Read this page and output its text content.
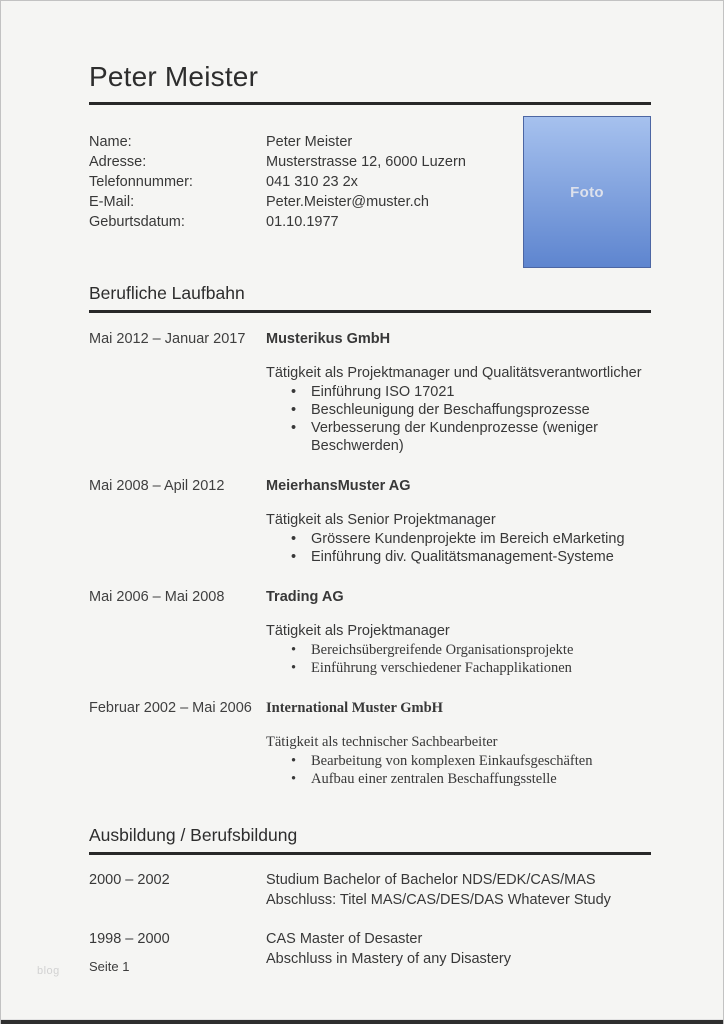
Peter Meister
Name:	Peter Meister
Adresse:	Musterstrasse 12, 6000 Luzern
Telefonnummer:	041 310 23 2x
E-Mail:	Peter.Meister@muster.ch
Geburtsdatum:	01.10.1977
Berufliche Laufbahn
Mai 2012 – Januar 2017	Musterikus GmbH
Tätigkeit als Projektmanager und Qualitätsverantwortlicher
• Einführung ISO 17021
• Beschleunigung der Beschaffungsprozesse
• Verbesserung der Kundenprozesse (weniger Beschwerden)
Mai 2008 – Apil 2012	MeierhansMuster AG
Tätigkeit als Senior Projektmanager
• Grössere Kundenprojekte im Bereich eMarketing
• Einführung div. Qualitätsmanagement-Systeme
Mai 2006 – Mai 2008	Trading AG
Tätigkeit als Projektmanager
• Bereichsübergreifende Organisationsprojekte
• Einführung verschiedener Fachapplikationen
Februar 2002 – Mai 2006 International Muster GmbH
Tätigkeit als technischer Sachbearbeiter
• Bearbeitung von komplexen Einkaufsgeschäften
• Aufbau einer zentralen Beschaffungsstelle
Ausbildung / Berufsbildung
2000 – 2002	Studium Bachelor of Bachelor NDS/EDK/CAS/MAS
Abschluss: Titel MAS/CAS/DES/DAS Whatever Study
1998 – 2000	CAS Master of Desaster
Abschluss in Mastery of any Disastery
Foto
Seite 1
blog
